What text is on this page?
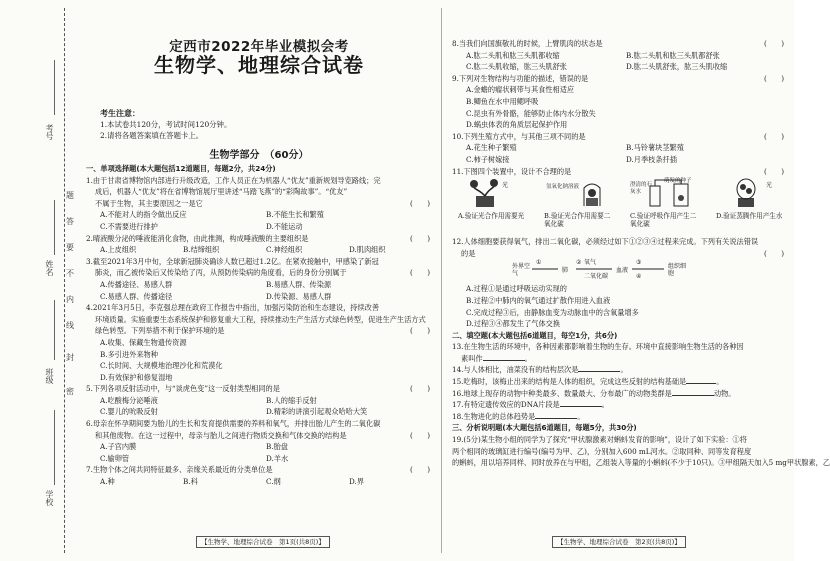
考号
姓名
班级
学校
题
答
要
不
内
线
封
密
定西市2022年毕业模拟会考
生物学、地理综合试卷
考生注意：
1.本试卷共120分，考试时间120分钟。
2.请将各题答案填在答题卡上。
生物学部分　（60分）

一、单项选择题(本大题包括12道题目，每题2分，共24分)

1.由于甘肃省博物馆内部进行升级改造，工作人员正在为机器人“优友”重新规划导览路线；完

成后，机器人“优友”将在省博物馆展厅里讲述“马踏飞燕”的“彩陶故事”。“优友”

不属于生物，其主要原因之一是它	(　　)

A.不能对人的指令做出反应	B.不能生长和繁殖
C.不需要进行排护	D.不能运动

2.晴液酸分泌的唾液能消化食物，由此推测，构成唾液酸的主要组织是	(　　)

A.上皮组织	B.结缔组织	C.神经组织	D.肌肉组织

3.截至2021年3月中旬，全球新冠肺炎确诊人数已超过1.2亿。在紧欢接触中，甲感染了新冠

肺炎，而乙被传染后又传染给了丙，从预防传染病的角度看，后的身份分别属于	(　　)

A.传播途径、易感人群	B.易感人群、传染源
C.易感人群、传播途径	D.传染源、易感人群

4.2021年3月5日，李克强总理在政府工作报告中指出，加强污染防治和生态建设，持续改善

环境质量。实施重要生态系统保护和修复重大工程，持续推动生产生活方式绿色转型，促进生产生活方式

绿色转型。下列举措不利于保护环境的是	(　　)

A.收集、保藏生物遗传资源

B.多引进外来物种

C.长时间、大规模地治理沙化和荒漠化

D.有效保护和修复湿地

5.下列各项反射活动中，与“谈虎色变”这一反射类型相同的是	(　　)

A.吃酸梅分泌唾液	B.人的缩手反射
C.婴儿的吮吸反射	D.精彩的讲演引起观众哈哈大笑

6.母亲在怀孕期间要为胎儿的生长和发育提供需要的养料和氧气，并排出胎儿产生的二氧化碳

和其他废物。在这一过程中，母亲与胎儿之间进行物质交换和气体交换的结构是	(　　)

A.子宫内膜	B.胎盘
C.输卵管	D.羊水

7.生物个体之间共同特征最多、亲缘关系最近的分类单位是	(　　)

A.种	B.科	C.纲	D.界
【生物学、地理综合试卷　第1页(共8页)】

8.当我们向国旗敬礼的时候，上臂肌肉的状态是	(　　)

A.肱二头肌和肱三头肌都收缩	B.肱二头肌和肱三头肌都舒张
C.肱二头肌收缩，肱三头肌舒张	D.肱二头肌舒张，肱三头肌收缩

9.下列对生物结构与功能的描述，错误的是	(　　)

A.金蟾的瘤状刺带与其食性相适应

B.鲫鱼在水中用鳃呼吸

C.昆虫有外骨骼，能够防止体内水分散失

D.蜗虫体表的角质层起保护作用

10.下列生殖方式中，与其他三项不同的是	(　　)

A.花生种子繁殖	B.马铃薯块茎繁殖
C.柿子树嫁接	D.月季枝条扦插

11.下图四个装置中，设计不合理的是	(　　)

光
A.验证光合作用需要光
氢氧化钠溶液
B.验证光合作用需要二氧化碳
澄清的石灰水
萌发的种子
C.验证呼吸作用产生二氧化碳
光
D.验证蒸腾作用产生水

12.人体细胞要获得氧气，排出二氧化碳，必须经过如下①②③④过程来完成。下列有关说法错误

的是	(　　)

外界空气	肺	血液
组织细胞
①	氧气
二氧化碳
②	③
④

A.过程①是通过呼吸运动实现的

B.过程②中肺内的氧气通过扩散作用进入血液

C.完成过程③后，由静脉血变为动脉血中的含氧量增多

D.过程③④都发生了气体交换

二、填空题(本大题包括6道题目，每空1分，共6分)

13.在生物生活的环境中，各种因素都影响着生物的生存。环境中直接影响生物生活的各种因

素叫作	。

14.与人体相比，油菜没有的结构层次是	。

15.吃梅时，该梅止出来的结构是人体的组织，完成这些反射的结构基础是	。

16.地球上现存的动物中种类最多、数量最大、分布最广的动物类群是	动物。

17.有特定遗传效应的DNA片段是	。

18.生物进化的总体趋势是	。

三、分析说明题(本大题包括6道题目，每题5分，共30分)

19.(5分)某生物小组的同学为了探究“甲状腺激素对蝌蚪发育的影响”，设计了如下实验：①将

两个相同的玻璃缸进行编号(编号为甲、乙)，分别加入600 mL河水。②取同种、同等发育程度

的蝌蚪，用以培养同样、同时放养在与甲组，乙组装入等量的小蝌蚪(不少于10只)。③甲组隔天加入5 mg甲状腺素，乙

【生物学、地理综合试卷　第2页(共8页)】
